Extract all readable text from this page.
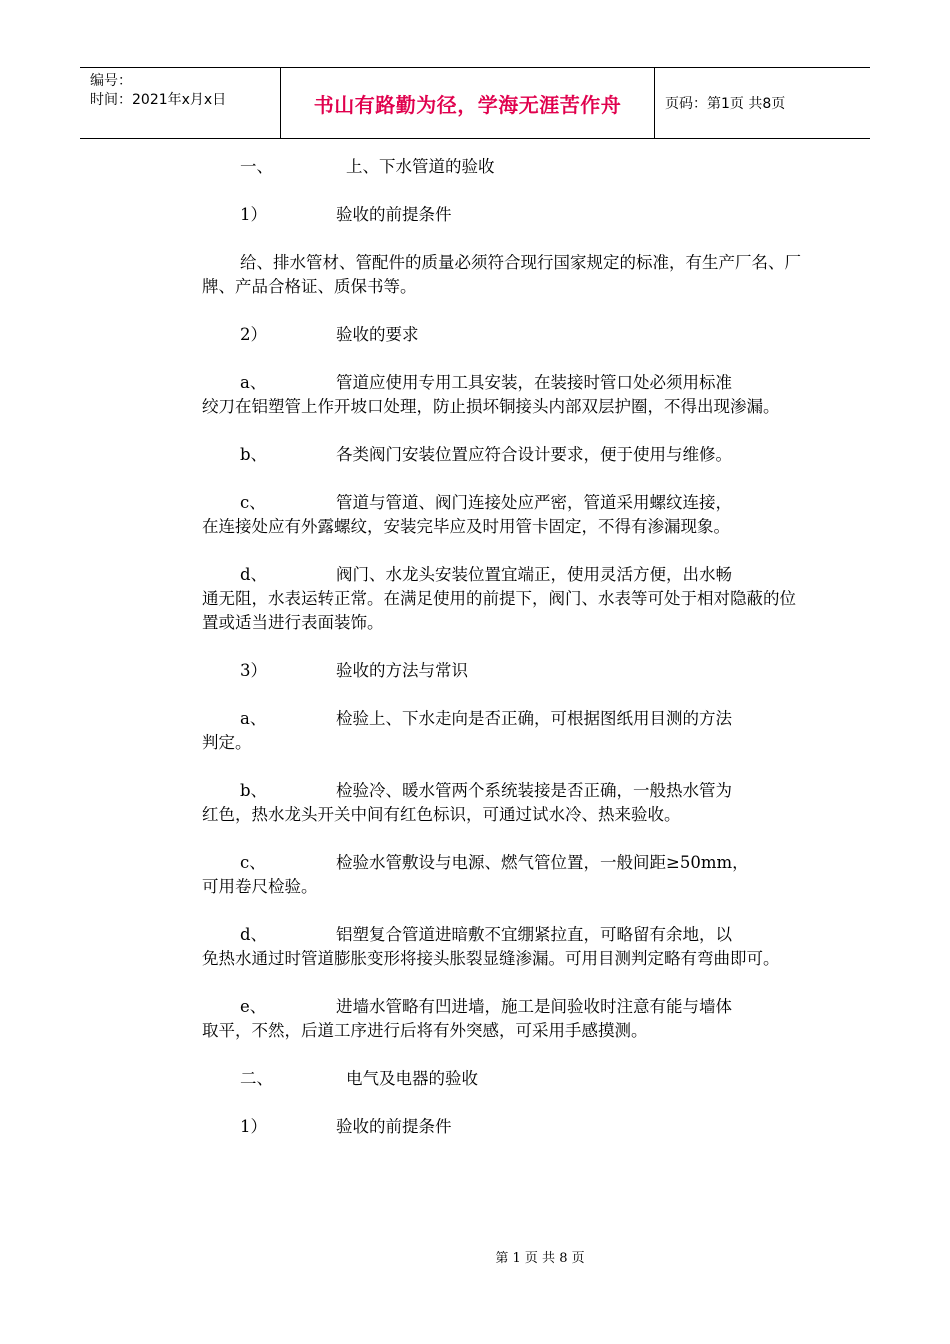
编号：
时间：2021年x月x日	书山有路勤为径，学海无涯苦作舟	页码：第1页 共8页
一、	上、下水管道的验收
1）	验收的前提条件

给、排水管材、管配件的质量必须符合现行国家规定的标准，有生产厂名、厂牌、产品合格证、质保书等。

2）	验收的要求
a、	管道应使用专用工具安装，在装接时管口处必须用标准
绞刀在铝塑管上作开坡口处理，防止损坏铜接头内部双层护圈，不得出现渗漏。
b、	各类阀门安装位置应符合设计要求，便于使用与维修。
c、	管道与管道、阀门连接处应严密，管道采用螺纹连接，
在连接处应有外露螺纹，安装完毕应及时用管卡固定，不得有渗漏现象。
d、	阀门、水龙头安装位置宜端正，使用灵活方便，出水畅
通无阻，水表运转正常。在满足使用的前提下，阀门、水表等可处于相对隐蔽的位置或适当进行表面装饰。
3）	验收的方法与常识
a、	检验上、下水走向是否正确，可根据图纸用目测的方法
判定。
b、	检验冷、暖水管两个系统装接是否正确，一般热水管为
红色，热水龙头开关中间有红色标识，可通过试水冷、热来验收。
c、	检验水管敷设与电源、燃气管位置，一般间距≥50mm，
可用卷尺检验。
d、	铝塑复合管道进暗敷不宜绷紧拉直，可略留有余地，以
免热水通过时管道膨胀变形将接头胀裂显缝渗漏。可用目测判定略有弯曲即可。
e、	进墙水管略有凹进墙，施工是间验收时注意有能与墙体
取平，不然，后道工序进行后将有外突感，可采用手感摸测。
二、	电气及电器的验收
1）	验收的前提条件
第 1 页 共 8 页
